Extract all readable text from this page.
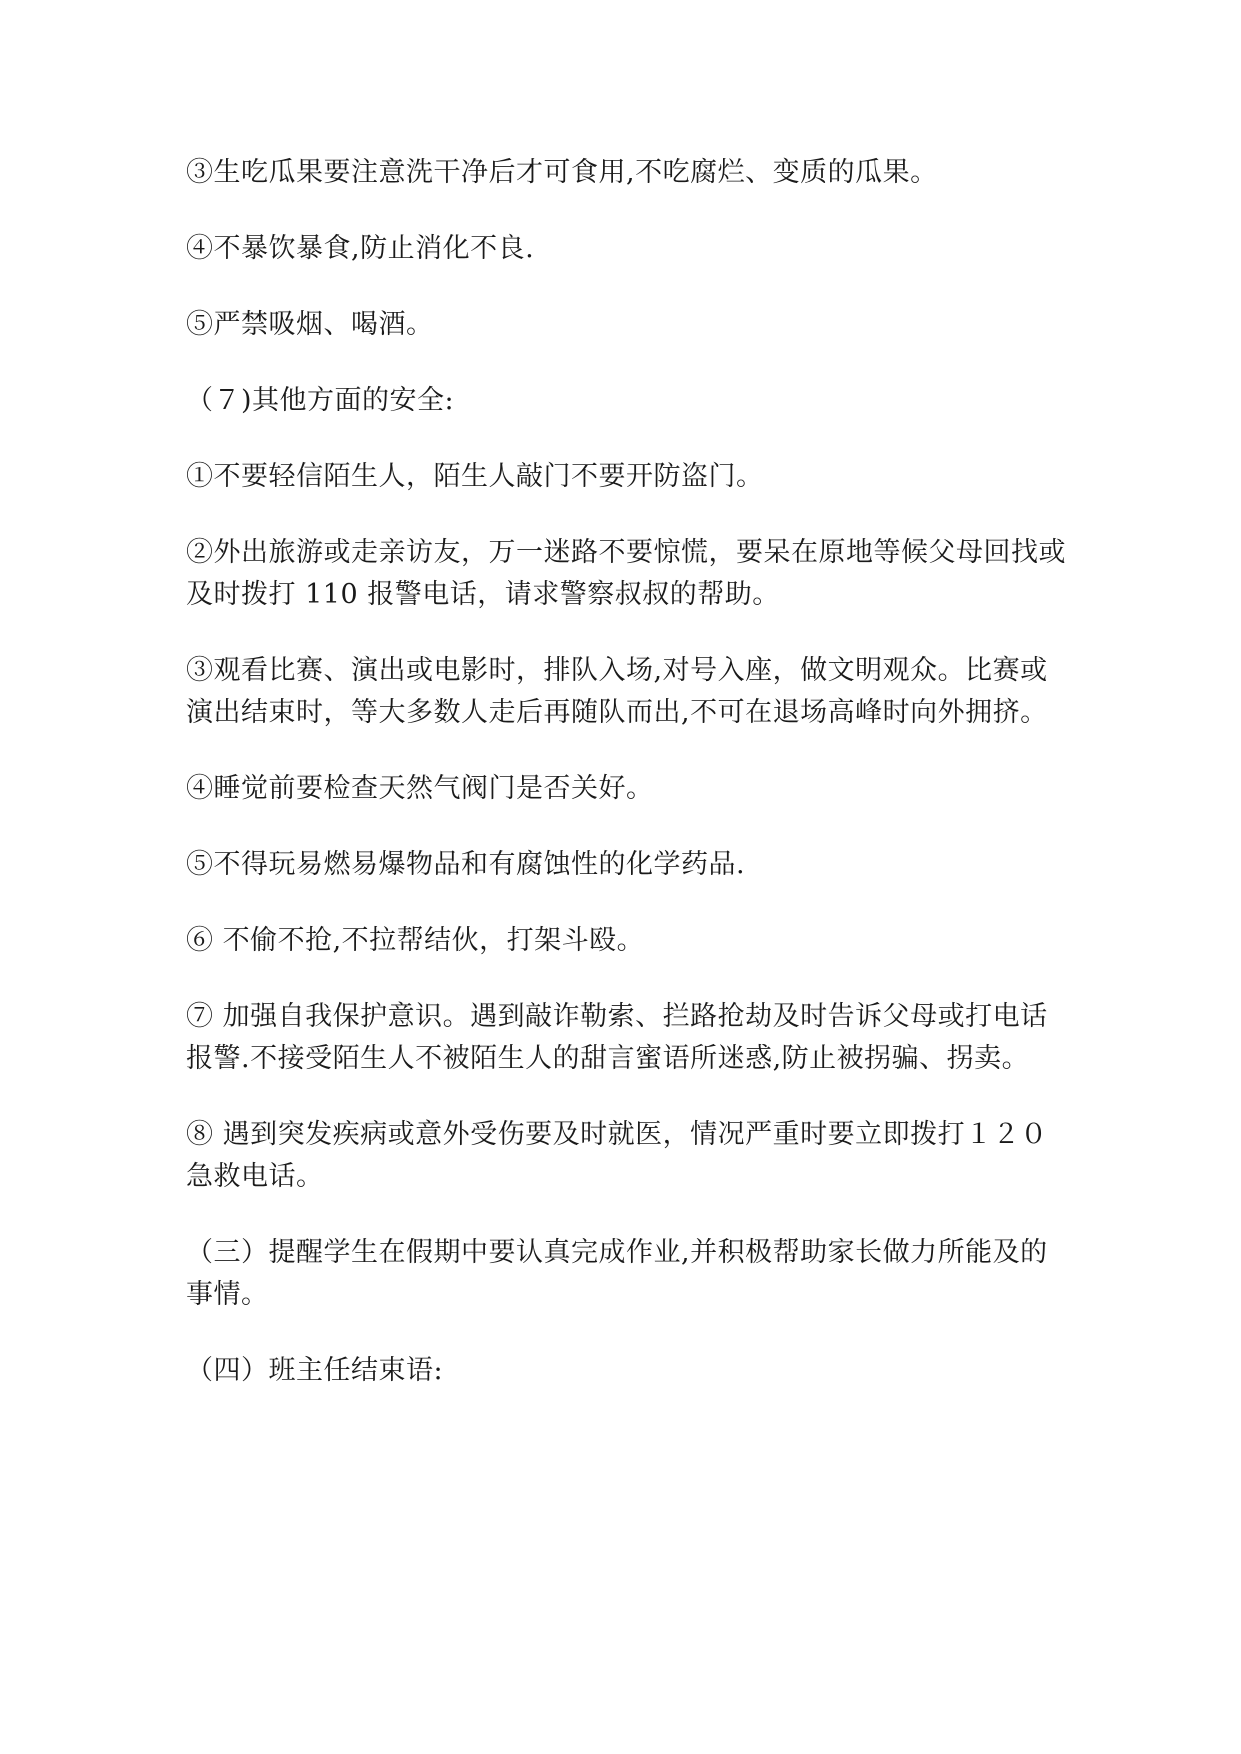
③生吃瓜果要注意洗干净后才可食用,不吃腐烂、变质的瓜果。

④不暴饮暴食,防止消化不良.

⑤严禁吸烟、喝酒。

（７)其他方面的安全:

①不要轻信陌生人，陌生人敲门不要开防盗门。

②外出旅游或走亲访友，万一迷路不要惊慌，要呆在原地等候父母回找或及时拨打 110 报警电话，请求警察叔叔的帮助。

③观看比赛、演出或电影时，排队入场,对号入座，做文明观众。比赛或演出结束时，等大多数人走后再随队而出,不可在退场高峰时向外拥挤。

④睡觉前要检查天然气阀门是否关好。

⑤不得玩易燃易爆物品和有腐蚀性的化学药品.

⑥ 不偷不抢,不拉帮结伙，打架斗殴。

⑦ 加强自我保护意识。遇到敲诈勒索、拦路抢劫及时告诉父母或打电话报警.不接受陌生人不被陌生人的甜言蜜语所迷惑,防止被拐骗、拐卖。

⑧ 遇到突发疾病或意外受伤要及时就医，情况严重时要立即拨打１２０急救电话。

（三）提醒学生在假期中要认真完成作业,并积极帮助家长做力所能及的事情。

（四）班主任结束语:
